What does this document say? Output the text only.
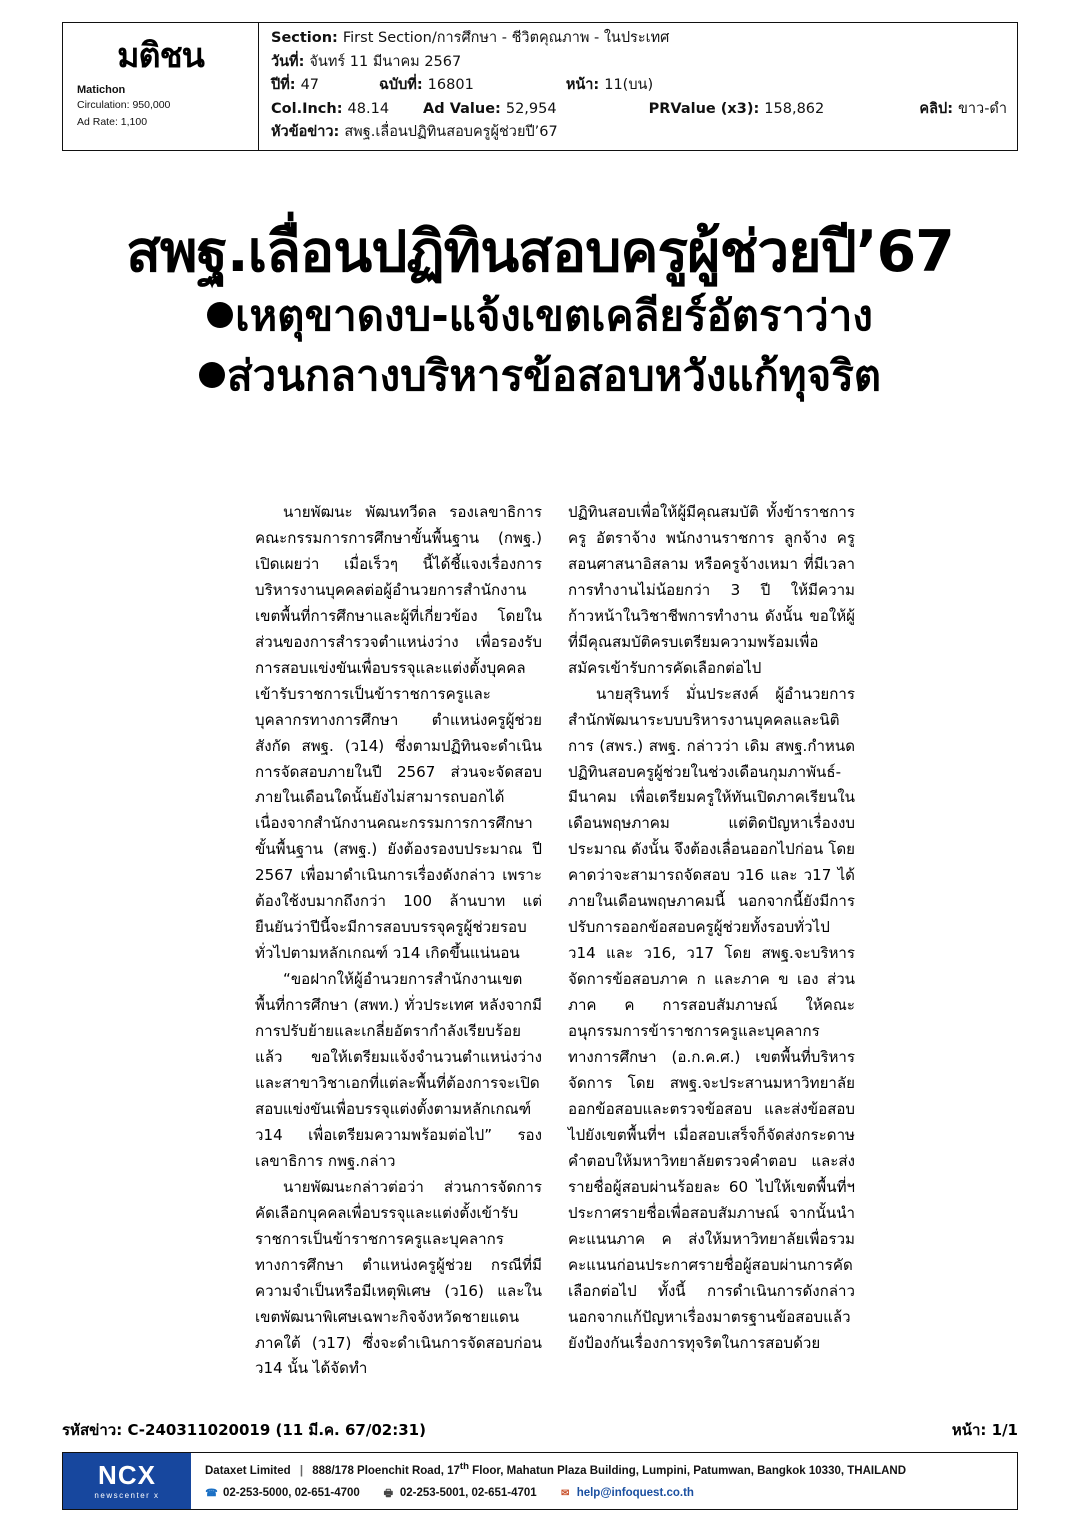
มติชน
Matichon
Circulation: 950,000
Ad Rate: 1,100
Section: First Section/การศึกษา - ชีวิตคุณภาพ - ในประเทศ
วันที่: จันทร์ 11 มีนาคม 2567
ปีที่: 47	ฉบับที่: 16801	หน้า: 11(บน)
Col.Inch: 48.14 Ad Value: 52,954	PRValue (x3): 158,862	คลิป: ขาว-ดำ
หัวข้อข่าว: สพฐ.เลื่อนปฏิทินสอบครูผู้ช่วยปี’67
สพฐ.เลื่อนปฏิทินสอบครูผู้ช่วยปี’67
เหตุขาดงบ-แจ้งเขตเคลียร์อัตราว่าง
ส่วนกลางบริหารข้อสอบหวังแก้ทุจริต

นายพัฒนะ พัฒนทวีดล รองเลขาธิการคณะกรรมการการศึกษาขั้นพื้นฐาน (กพฐ.) เปิดเผยว่า เมื่อเร็วๆ นี้ได้ชี้แจงเรื่องการบริหารงานบุคคลต่อผู้อำนวยการสำนักงานเขตพื้นที่การศึกษาและผู้ที่เกี่ยวข้อง โดยในส่วนของการสำรวจตำแหน่งว่าง เพื่อรองรับการสอบแข่งขันเพื่อบรรจุและแต่งตั้งบุคคลเข้ารับราชการเป็นข้าราชการครูและบุคลากรทางการศึกษา ตำแหน่งครูผู้ช่วย สังกัด สพฐ. (ว14) ซึ่งตามปฏิทินจะดำเนินการจัดสอบภายในปี 2567 ส่วนจะจัดสอบภายในเดือนใดนั้นยังไม่สามารถบอกได้ เนื่องจากสำนักงานคณะกรรมการการศึกษาขั้นพื้นฐาน (สพฐ.) ยังต้องรองบประมาณ ปี 2567 เพื่อมาดำเนินการเรื่องดังกล่าว เพราะต้องใช้งบมากถึงกว่า 100 ล้านบาท แต่ยืนยันว่าปีนี้จะมีการสอบบรรจุครูผู้ช่วยรอบทั่วไปตามหลักเกณฑ์ ว14 เกิดขึ้นแน่นอน

“ขอฝากให้ผู้อำนวยการสำนักงานเขตพื้นที่การศึกษา (สพท.) ทั่วประเทศ หลังจากมีการปรับย้ายและเกลี่ยอัตรากำลังเรียบร้อยแล้ว ขอให้เตรียมแจ้งจำนวนตำแหน่งว่างและสาขาวิชาเอกที่แต่ละพื้นที่ต้องการจะเปิดสอบแข่งขันเพื่อบรรจุแต่งตั้งตามหลักเกณฑ์ ว14 เพื่อเตรียมความพร้อมต่อไป” รองเลขาธิการ กพฐ.กล่าว

นายพัฒนะกล่าวต่อว่า ส่วนการจัดการคัดเลือกบุคคลเพื่อบรรจุและแต่งตั้งเข้ารับราชการเป็นข้าราชการครูและบุคลากรทางการศึกษา ตำแหน่งครูผู้ช่วย กรณีที่มีความจำเป็นหรือมีเหตุพิเศษ (ว16) และในเขตพัฒนาพิเศษเฉพาะกิจจังหวัดชายแดนภาคใต้ (ว17) ซึ่งจะดำเนินการจัดสอบก่อน ว14 นั้น ได้จัดทำ

ปฏิทินสอบเพื่อให้ผู้มีคุณสมบัติ ทั้งข้าราชการครู อัตราจ้าง พนักงานราชการ ลูกจ้าง ครูสอนศาสนาอิสลาม หรือครูจ้างเหมา ที่มีเวลาการทำงานไม่น้อยกว่า 3 ปี ให้มีความก้าวหน้าในวิชาชีพการทำงาน ดังนั้น ขอให้ผู้ที่มีคุณสมบัติครบเตรียมความพร้อมเพื่อสมัครเข้ารับการคัดเลือกต่อไป

นายสุรินทร์ มั่นประสงค์ ผู้อำนวยการสำนักพัฒนาระบบบริหารงานบุคคลและนิติการ (สพร.) สพฐ. กล่าวว่า เดิม สพฐ.กำหนดปฏิทินสอบครูผู้ช่วยในช่วงเดือนกุมภาพันธ์-มีนาคม เพื่อเตรียมครูให้ทันเปิดภาคเรียนในเดือนพฤษภาคม แต่ติดปัญหาเรื่องงบประมาณ ดังนั้น จึงต้องเลื่อนออกไปก่อน โดยคาดว่าจะสามารถจัดสอบ ว16 และ ว17 ได้ภายในเดือนพฤษภาคมนี้ นอกจากนี้ยังมีการปรับการออกข้อสอบครูผู้ช่วยทั้งรอบทั่วไป ว14 และ ว16, ว17 โดย สพฐ.จะบริหารจัดการข้อสอบภาค ก และภาค ข เอง ส่วนภาค ค การสอบสัมภาษณ์ ให้คณะอนุกรรมการข้าราชการครูและบุคลากรทางการศึกษา (อ.ก.ค.ศ.) เขตพื้นที่บริหารจัดการ โดย สพฐ.จะประสานมหาวิทยาลัยออกข้อสอบและตรวจข้อสอบ และส่งข้อสอบไปยังเขตพื้นที่ฯ เมื่อสอบเสร็จก็จัดส่งกระดาษคำตอบให้มหาวิทยาลัยตรวจคำตอบ และส่งรายชื่อผู้สอบผ่านร้อยละ 60 ไปให้เขตพื้นที่ฯ ประกาศรายชื่อเพื่อสอบสัมภาษณ์ จากนั้นนำคะแนนภาค ค ส่งให้มหาวิทยาลัยเพื่อรวมคะแนนก่อนประกาศรายชื่อผู้สอบผ่านการคัดเลือกต่อไป ทั้งนี้ การดำเนินการดังกล่าวนอกจากแก้ปัญหาเรื่องมาตรฐานข้อสอบแล้ว ยังป้องกันเรื่องการทุจริตในการสอบด้วย

รหัสข่าว: C-240311020019 (11 มี.ค. 67/02:31)	หน้า: 1/1
NCX
newscenter x
Dataxet Limited | 888/178 Ploenchit Road, 17th Floor, Mahatun Plaza Building, Lumpini, Patumwan, Bangkok 10330, THAILAND
☎ 02-253-5000, 02-651-4700 🖶 02-253-5001, 02-651-4701 ✉ help@infoquest.co.th
